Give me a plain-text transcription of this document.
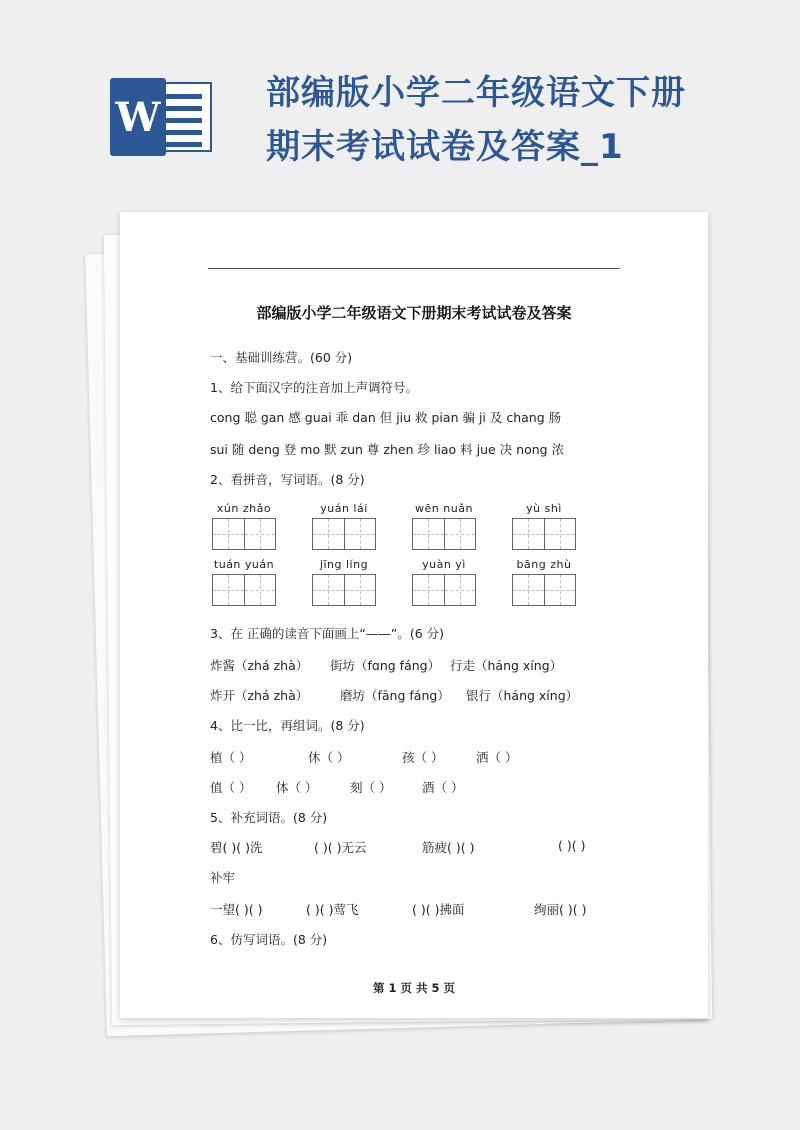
W
部编版小学二年级语文下册期末考试试卷及答案_1
部编版小学二年级语文下册期末考试试卷及答案
一、基础训练营。(60 分)
1、给下面汉字的注音加上声调符号。
cong 聪 gan 感 guai 乖 dan 但 jiu 救 pian 骗 ji 及 chang 肠
sui 随 deng 登 mo 默 zun 尊 zhen 珍 liao 料 jue 决 nong 浓
2、看拼音，写词语。(8 分)
xún zhǎo	yuán lái	wēn nuǎn	yù shì
tuán yuán	jīng líng	yuàn yì	bāng zhù
3、在 正确的读音下面画上“——”。(6 分)
炸酱（zhá zhà） 街坊（fɑng fáng） 行走（háng xíng）
炸开（zhá zhà）	磨坊（fāng fáng） 银行（háng xíng）
4、比一比，再组词。(8 分)
植（ ）	休（ ）	孩（ ）	洒（ ）
值（ ） 体（ ）	刻（ ） 酒（ ）
5、补充词语。(8 分)
碧( )( )洗	( )( )无云	筋疲( )( )	( )( )
补牢
一望( )( )	( )( )莺飞	( )( )拂面	绚丽( )( )
6、仿写词语。(8 分)
第 1 页 共 5 页
